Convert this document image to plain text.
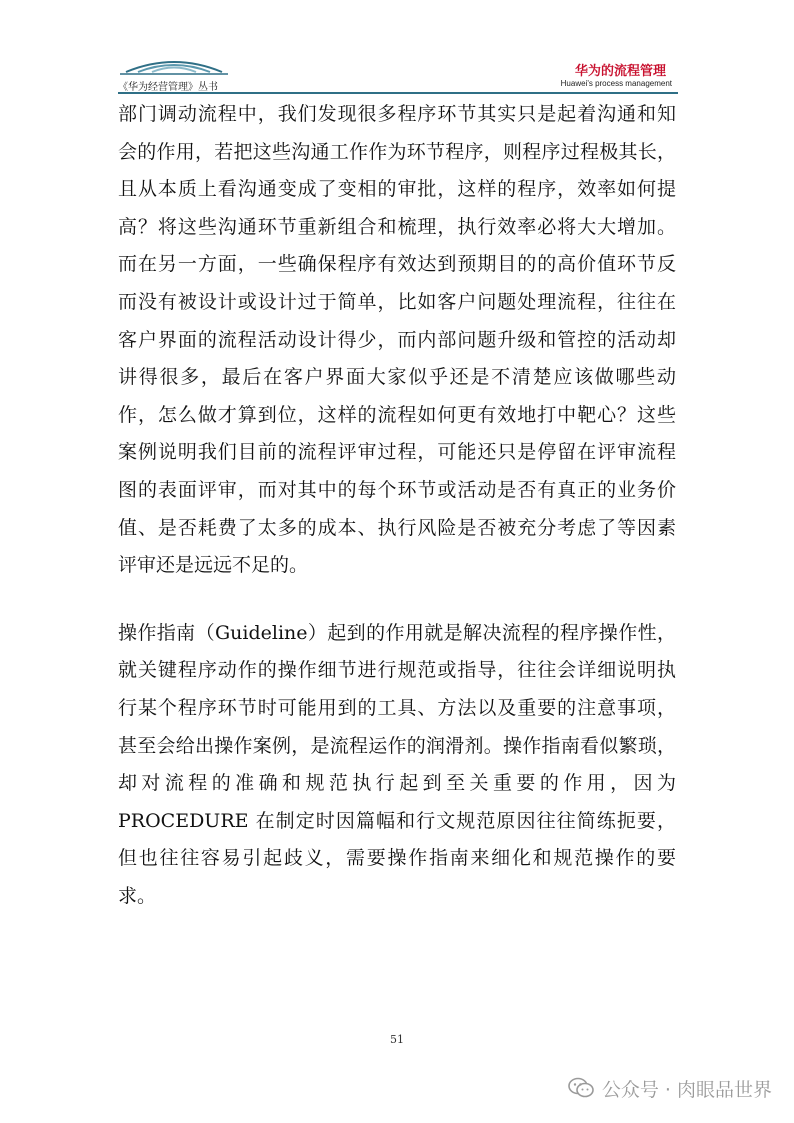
《华为经营管理》丛书
华为的流程管理
Huawei's process management
部门调动流程中，我们发现很多程序环节其实只是起着沟通和知
会的作用，若把这些沟通工作作为环节程序，则程序过程极其长，
且从本质上看沟通变成了变相的审批，这样的程序，效率如何提
高？将这些沟通环节重新组合和梳理，执行效率必将大大增加。
而在另一方面，一些确保程序有效达到预期目的的高价值环节反
而没有被设计或设计过于简单，比如客户问题处理流程，往往在
客户界面的流程活动设计得少，而内部问题升级和管控的活动却
讲得很多，最后在客户界面大家似乎还是不清楚应该做哪些动
作，怎么做才算到位，这样的流程如何更有效地打中靶心？这些
案例说明我们目前的流程评审过程，可能还只是停留在评审流程
图的表面评审，而对其中的每个环节或活动是否有真正的业务价
值、是否耗费了太多的成本、执行风险是否被充分考虑了等因素
评审还是远远不足的。
操作指南（Guideline）起到的作用就是解决流程的程序操作性，
就关键程序动作的操作细节进行规范或指导，往往会详细说明执
行某个程序环节时可能用到的工具、方法以及重要的注意事项，
甚至会给出操作案例，是流程运作的润滑剂。操作指南看似繁琐，
却对流程的准确和规范执行起到至关重要的作用，因为
PROCEDURE 在制定时因篇幅和行文规范原因往往简练扼要，
但也往往容易引起歧义，需要操作指南来细化和规范操作的要
求。
51
公众号 · 肉眼品世界
